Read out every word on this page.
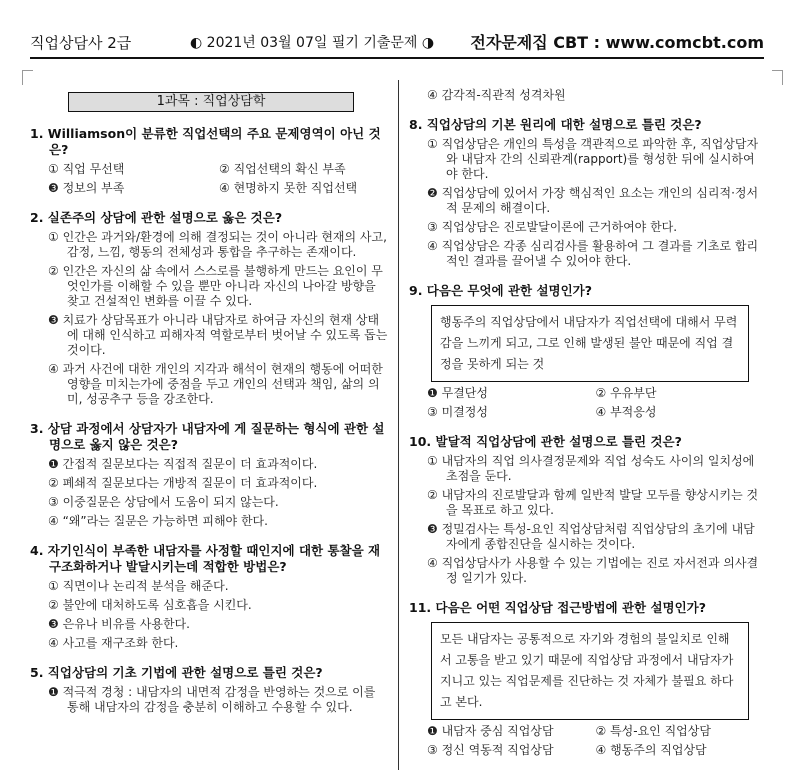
직업상담사 2급	◐ 2021년 03월 07일 필기 기출문제 ◑ 전자문제집 CBT : www.comcbt.com
1과목 : 직업상담학
1. Williamson이 분류한 직업선택의 주요 문제영역이 아닌 것은?
① 직업 무선택	② 직업선택의 확신 부족
❸ 정보의 부족	④ 현명하지 못한 직업선택
2. 실존주의 상담에 관한 설명으로 옳은 것은?
① 인간은 과거와/환경에 의해 결정되는 것이 아니라 현재의 사고, 감정, 느낌, 행동의 전체성과 통합을 추구하는 존재이다.
② 인간은 자신의 삶 속에서 스스로를 불행하게 만드는 요인이 무엇인가를 이해할 수 있을 뿐만 아니라 자신의 나아갈 방향을 찾고 건설적인 변화를 이끌 수 있다.
❸ 치료가 상담목표가 아니라 내담자로 하여금 자신의 현재 상태에 대해 인식하고 피해자적 역할로부터 벗어날 수 있도록 돕는 것이다.
④ 과거 사건에 대한 개인의 지각과 해석이 현재의 행동에 어떠한 영향을 미치는가에 중점을 두고 개인의 선택과 책임, 삶의 의미, 성공추구 등을 강조한다.
3. 상담 과정에서 상담자가 내담자에 게 질문하는 형식에 관한 설명으로 옳지 않은 것은?
❶ 간접적 질문보다는 직접적 질문이 더 효과적이다.
② 폐쇄적 질문보다는 개방적 질문이 더 효과적이다.
③ 이중질문은 상담에서 도움이 되지 않는다.
④ “왜”라는 질문은 가능하면 피해야 한다.
4. 자기인식이 부족한 내담자를 사정할 때인지에 대한 통찰을 재구조화하거나 발달시키는데 적합한 방법은?
① 직면이나 논리적 분석을 해준다.
② 불안에 대처하도록 심호흡을 시킨다.
❸ 은유나 비유를 사용한다.
④ 사고를 재구조화 한다.
5. 직업상담의 기초 기법에 관한 설명으로 틀린 것은?
❶ 적극적 경청 : 내담자의 내면적 감정을 반영하는 것으로 이를 통해 내담자의 감정을 충분히 이해하고 수용할 수 있다.
④ 감각적-직관적 성격차원
8. 직업상담의 기본 원리에 대한 설명으로 틀린 것은?
① 직업상담은 개인의 특성을 객관적으로 파악한 후, 직업상담자와 내담자 간의 신뢰관계(rapport)를 형성한 뒤에 실시하여야 한다.
❷ 직업상담에 있어서 가장 핵심적인 요소는 개인의 심리적·정서적 문제의 해결이다.
③ 직업상담은 진로발달이론에 근거하여야 한다.
④ 직업상담은 각종 심리검사를 활용하여 그 결과를 기초로 합리적인 결과를 끌어낼 수 있어야 한다.
9. 다음은 무엇에 관한 설명인가?
행동주의 직업상담에서 내담자가 직업선택에 대해서 무력감을 느끼게 되고, 그로 인해 발생된 불안 때문에 직업 결정을 못하게 되는 것
❶ 무결단성	② 우유부단
③ 미결정성	④ 부적응성
10. 발달적 직업상담에 관한 설명으로 틀린 것은?
① 내담자의 직업 의사결정문제와 직업 성숙도 사이의 일치성에 초점을 둔다.
② 내담자의 진로발달과 함께 일반적 발달 모두를 향상시키는 것을 목표로 하고 있다.
❸ 정밀검사는 특성-요인 직업상담처럼 직업상담의 초기에 내담자에게 종합진단을 실시하는 것이다.
④ 직업상담사가 사용할 수 있는 기법에는 진로 자서전과 의사결정 일기가 있다.
11. 다음은 어떤 직업상담 접근방법에 관한 설명인가?
모든 내담자는 공통적으로 자기와 경험의 불일치로 인해서 고통을 받고 있기 때문에 직업상담 과정에서 내담자가 지니고 있는 직업문제를 진단하는 것 자체가 불필요 하다고 본다.
❶ 내담자 중심 직업상담	② 특성-요인 직업상담
③ 정신 역동적 직업상담	④ 행동주의 직업상담
